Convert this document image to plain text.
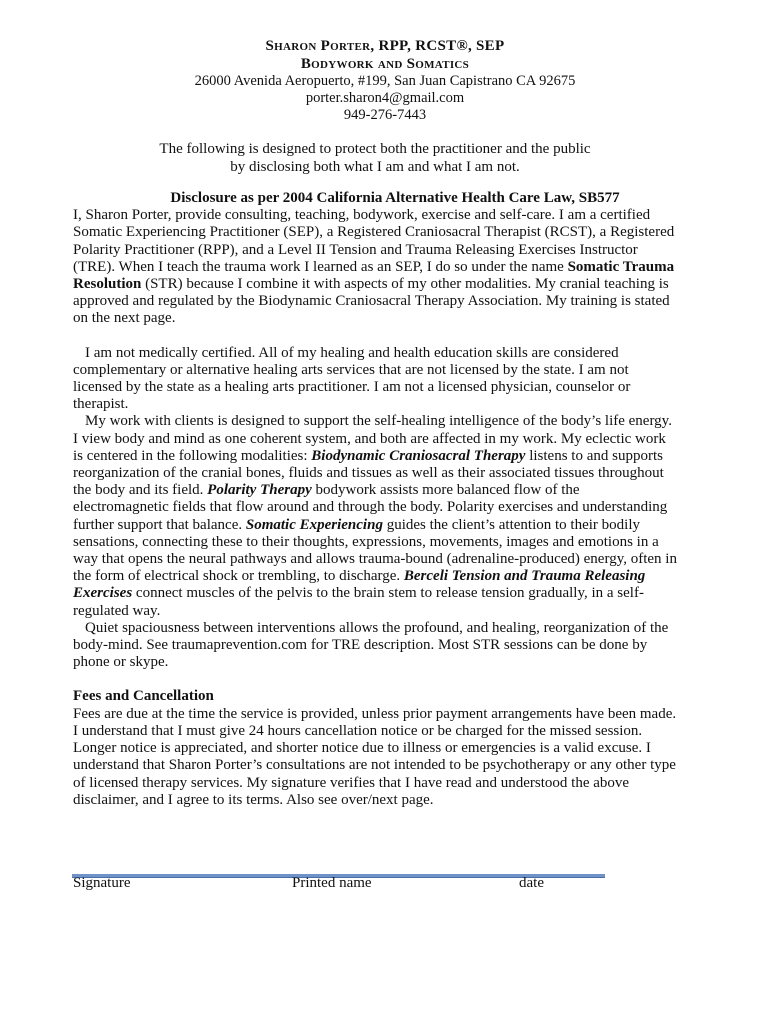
Sharon Porter, RPP, RCST®, SEP
Bodywork and Somatics
26000 Avenida Aeropuerto, #199, San Juan Capistrano CA 92675
porter.sharon4@gmail.com
949-276-7443
The following is designed to protect both the practitioner and the public
by disclosing both what I am and what I am not.

Disclosure as per 2004 California Alternative Health Care Law, SB577

I, Sharon Porter, provide consulting, teaching, bodywork, exercise and self-care. I am a certified Somatic Experiencing Practitioner (SEP), a Registered Craniosacral Therapist (RCST), a Registered Polarity Practitioner (RPP), and a Level II Tension and Trauma Releasing Exercises Instructor (TRE). When I teach the trauma work I learned as an SEP, I do so under the name Somatic Trauma Resolution (STR) because I combine it with aspects of my other modalities. My cranial teaching is approved and regulated by the Biodynamic Craniosacral Therapy Association. My training is stated on the next page.

I am not medically certified. All of my healing and health education skills are considered complementary or alternative healing arts services that are not licensed by the state. I am not licensed by the state as a healing arts practitioner. I am not a licensed physician, counselor or therapist.

My work with clients is designed to support the self-healing intelligence of the body’s life energy. I view body and mind as one coherent system, and both are affected in my work. My eclectic work is centered in the following modalities: Biodynamic Craniosacral Therapy listens to and supports reorganization of the cranial bones, fluids and tissues as well as their associated tissues throughout the body and its field. Polarity Therapy bodywork assists more balanced flow of the electromagnetic fields that flow around and through the body. Polarity exercises and understanding further support that balance. Somatic Experiencing guides the client’s attention to their bodily sensations, connecting these to their thoughts, expressions, movements, images and emotions in a way that opens the neural pathways and allows trauma-bound (adrenaline-produced) energy, often in the form of electrical shock or trembling, to discharge. Berceli Tension and Trauma Releasing Exercises connect muscles of the pelvis to the brain stem to release tension gradually, in a self-regulated way.

Quiet spaciousness between interventions allows the profound, and healing, reorganization of the body-mind. See traumaprevention.com for TRE description. Most STR sessions can be done by phone or skype.

Fees and Cancellation

Fees are due at the time the service is provided, unless prior payment arrangements have been made. I understand that I must give 24 hours cancellation notice or be charged for the missed session. Longer notice is appreciated, and shorter notice due to illness or emergencies is a valid excuse. I understand that Sharon Porter’s consultations are not intended to be psychotherapy or any other type of licensed therapy services. My signature verifies that I have read and understood the above disclaimer, and I agree to its terms. Also see over/next page.

Signature	Printed name	date
